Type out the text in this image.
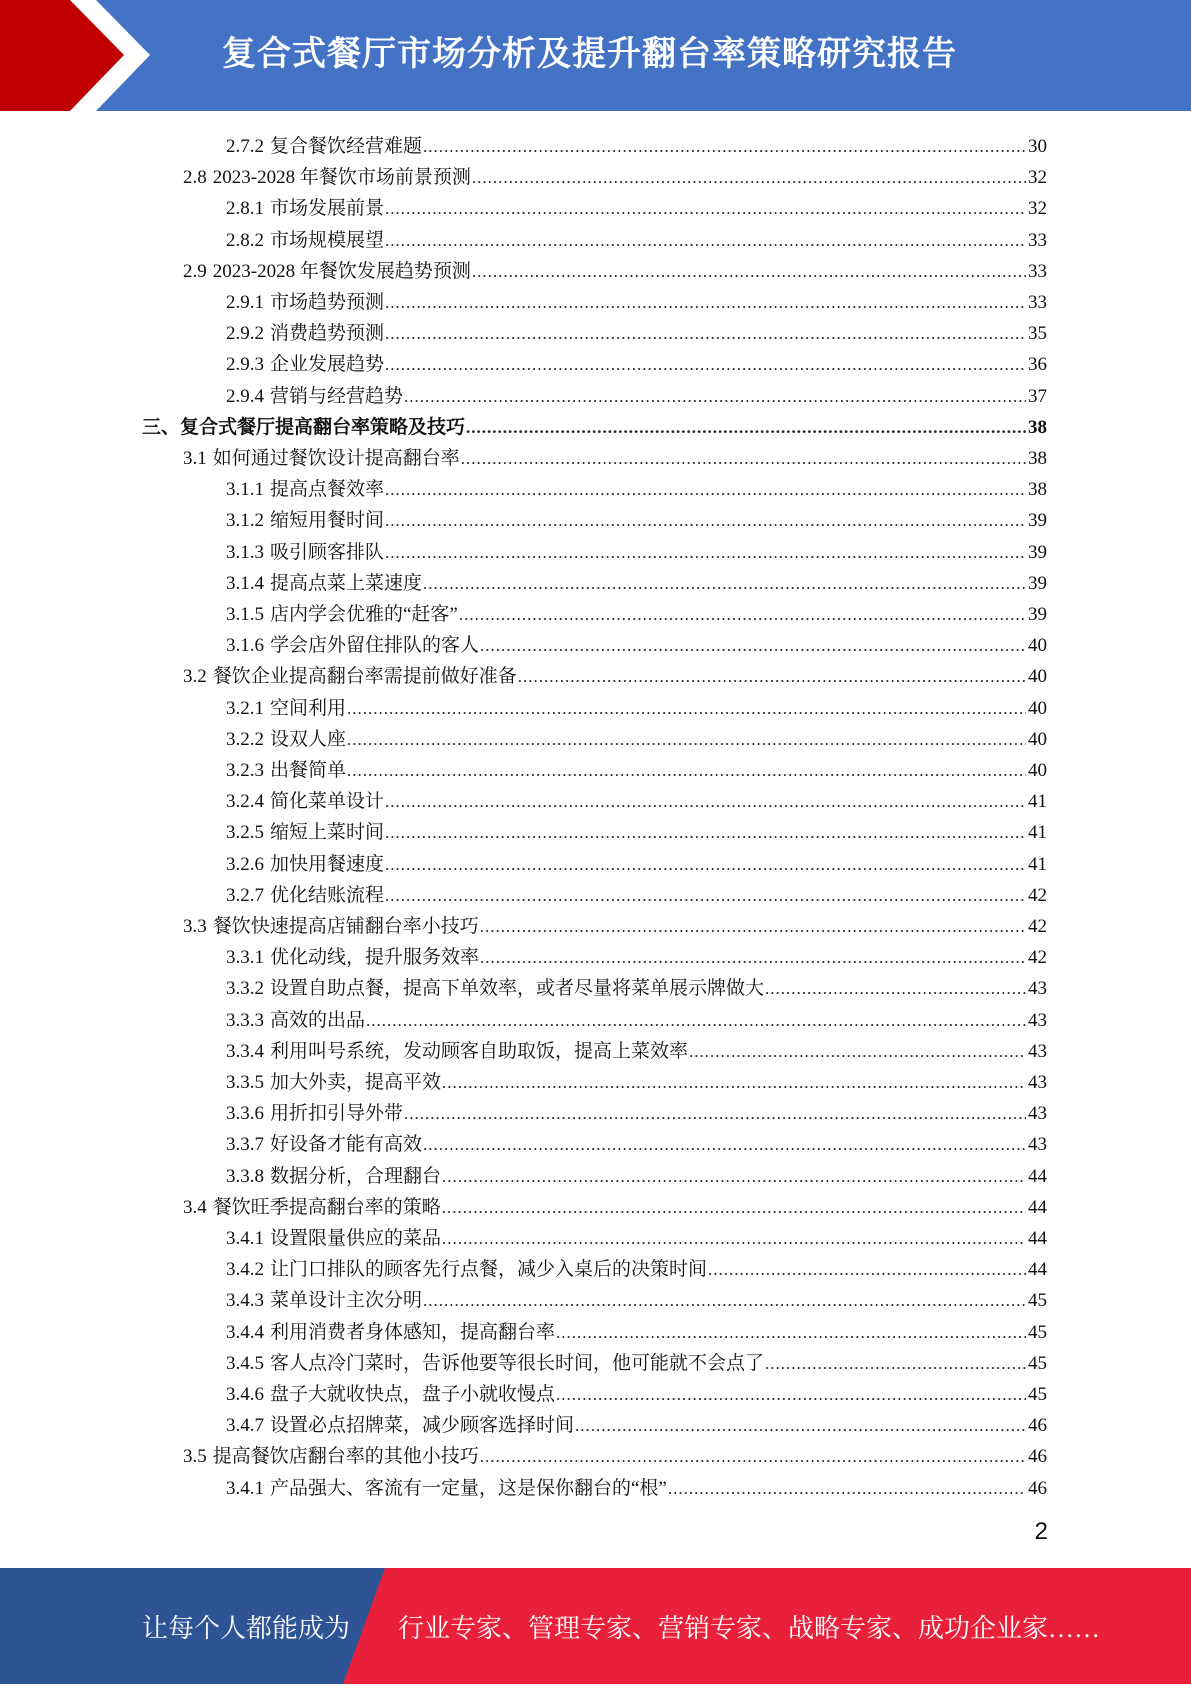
复合式餐厅市场分析及提升翻台率策略研究报告
2.7.2 复合餐饮经营难题 .....	30
2.8 2023-2028 年餐饮市场前景预测 .....	32
2.8.1 市场发展前景 .....	32
2.8.2 市场规模展望 .....	33
2.9 2023-2028 年餐饮发展趋势预测 .....	33
2.9.1 市场趋势预测 .....	33
2.9.2 消费趋势预测 .....	35
2.9.3 企业发展趋势 .....	36
2.9.4 营销与经营趋势 .....	37
三、 复合式餐厅提高翻台率策略及技巧 .....	38
3.1 如何通过餐饮设计提高翻台率 .....	38
3.1.1 提高点餐效率 .....	38
3.1.2 缩短用餐时间 .....	39
3.1.3 吸引顾客排队 .....	39
3.1.4 提高点菜上菜速度 .....	39
3.1.5 店内学会优雅的“赶客” .....	39
3.1.6 学会店外留住排队的客人 .....	40
3.2 餐饮企业提高翻台率需提前做好准备 .....	40
3.2.1 空间利用 .....	40
3.2.2 设双人座 .....	40
3.2.3 出餐简单 .....	40
3.2.4 简化菜单设计 .....	41
3.2.5 缩短上菜时间 .....	41
3.2.6 加快用餐速度 .....	41
3.2.7 优化结账流程 .....	42
3.3 餐饮快速提高店铺翻台率小技巧 .....	42
3.3.1 优化动线，提升服务效率 .....	42
3.3.2 设置自助点餐，提高下单效率，或者尽量将菜单展示牌做大 .....	43
3.3.3 高效的出品 .....	43
3.3.4 利用叫号系统，发动顾客自助取饭，提高上菜效率 .....	43
3.3.5 加大外卖，提高平效 .....	43
3.3.6 用折扣引导外带 .....	43
3.3.7 好设备才能有高效 .....	43
3.3.8 数据分析，合理翻台 .....	44
3.4 餐饮旺季提高翻台率的策略 .....	44
3.4.1 设置限量供应的菜品 .....	44
3.4.2 让门口排队的顾客先行点餐，减少入桌后的决策时间 .....	44
3.4.3 菜单设计主次分明 .....	45
3.4.4 利用消费者身体感知，提高翻台率 .....	45
3.4.5 客人点冷门菜时，告诉他要等很长时间，他可能就不会点了 .....	45
3.4.6 盘子大就收快点，盘子小就收慢点 .....	45
3.4.7 设置必点招牌菜，减少顾客选择时间 .....	46
3.5 提高餐饮店翻台率的其他小技巧 .....	46
3.4.1 产品强大、客流有一定量，这是保你翻台的“根” .....	46
2
让每个人都能成为 行业专家、管理专家、营销专家、战略专家、成功企业家……
